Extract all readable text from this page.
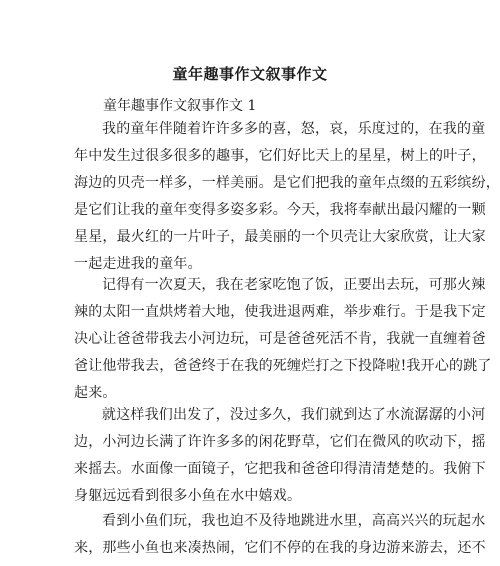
童年趣事作文叙事作文
童年趣事作文叙事作文 1
我的童年伴随着许许多多的喜，怒，哀，乐度过的，在我的童
年中发生过很多很多的趣事，它们好比天上的星星，树上的叶子，
海边的贝壳一样多，一样美丽。是它们把我的童年点缀的五彩缤纷，
是它们让我的童年变得多姿多彩。今天，我将奉献出最闪耀的一颗
星星，最火红的一片叶子，最美丽的一个贝壳让大家欣赏，让大家
一起走进我的童年。
记得有一次夏天，我在老家吃饱了饭，正要出去玩，可那火辣
辣的太阳一直烘烤着大地，使我进退两难，举步难行。于是我下定
决心让爸爸带我去小河边玩，可是爸爸死活不肯，我就一直缠着爸
爸让他带我去，爸爸终于在我的死缠烂打之下投降啦!我开心的跳了
起来。
就这样我们出发了，没过多久，我们就到达了水流潺潺的小河
边，小河边长满了许许多多的闲花野草，它们在微风的吹动下，摇
来摇去。水面像一面镜子，它把我和爸爸印得清清楚楚的。我俯下
身躯远远看到很多小鱼在水中嬉戏。
看到小鱼们玩，我也迫不及待地跳进水里，高高兴兴的玩起水
来，那些小鱼也来凑热闹，它们不停的在我的身边游来游去，还不
